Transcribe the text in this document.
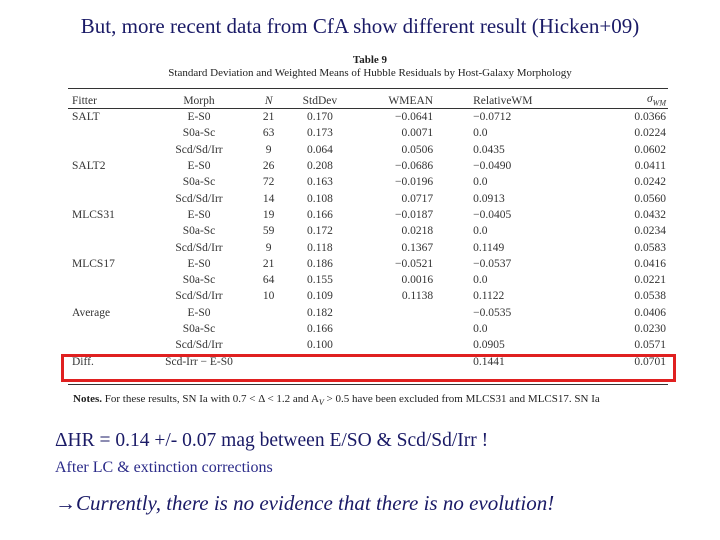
But, more recent data from CfA show different result (Hicken+09)
Table 9
Standard Deviation and Weighted Means of Hubble Residuals by Host-Galaxy Morphology
Fitter	Morph	N	StdDev	WMEAN	RelativeWM	$\sigma_{WM}$
SALT	E-S0	21	0.170	−0.0641	−0.0712	0.0366
	S0a-Sc	63	0.173	0.0071	0.0	0.0224
	Scd/Sd/Irr	9	0.064	0.0506	0.0435	0.0602
SALT2	E-S0	26	0.208	−0.0686	−0.0490	0.0411
	S0a-Sc	72	0.163	−0.0196	0.0	0.0242
	Scd/Sd/Irr	14	0.108	0.0717	0.0913	0.0560
MLCS31	E-S0	19	0.166	−0.0187	−0.0405	0.0432
	S0a-Sc	59	0.172	0.0218	0.0	0.0234
	Scd/Sd/Irr	9	0.118	0.1367	0.1149	0.0583
MLCS17	E-S0	21	0.186	−0.0521	−0.0537	0.0416
	S0a-Sc	64	0.155	0.0016	0.0	0.0221
	Scd/Sd/Irr	10	0.109	0.1138	0.1122	0.0538
Average	E-S0		0.182		−0.0535	0.0406
	S0a-Sc		0.166		0.0	0.0230
	Scd/Sd/Irr		0.100		0.0905	0.0571
Diff.	Scd-Irr − E-S0				0.1441	0.0701
Notes. For these results, SN Ia with 0.7 < Δ < 1.2 and $A_V > 0.5$ have been excluded from MLCS31 and MLCS17. SN Ia
ΔHR = 0.14 +/- 0.07 mag between E/SO & Scd/Sd/Irr !
After LC & extinction corrections
→Currently, there is no evidence that there is no evolution!
